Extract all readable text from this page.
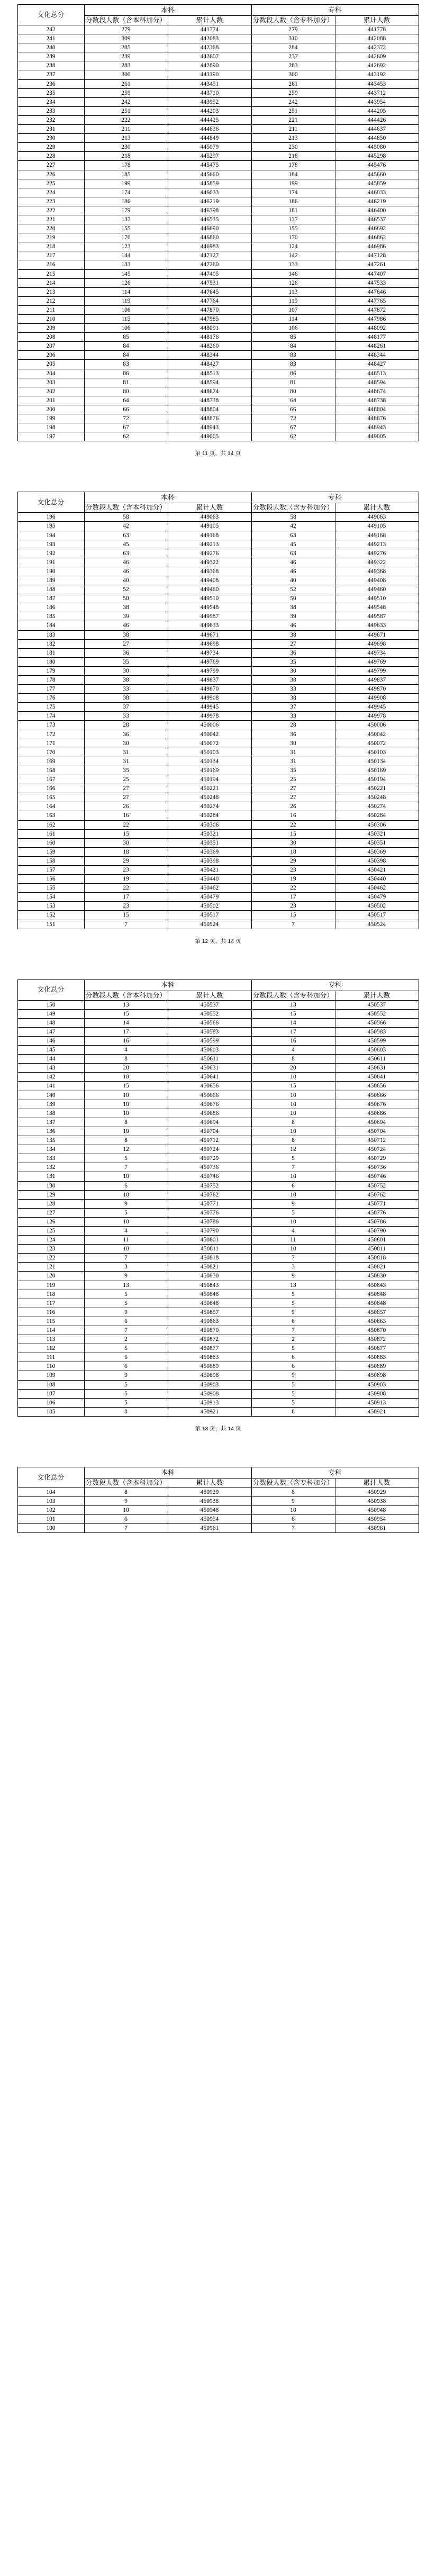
文化总分	本科		专科	
	分数段人数（含本科加分）	累计人数	分数段人数（含专科加分）	累计人数
242	279	441774	279	441778
241	309	442083	310	442088
240	285	442368	284	442372
239	239	442607	237	442609
238	283	442890	283	442892
237	300	443190	300	443192
236	261	443451	261	443453
235	259	443710	259	443712
234	242	443952	242	443954
233	251	444203	251	444205
232	222	444425	221	444426
231	211	444636	211	444637
230	213	444849	213	444850
229	230	445079	230	445080
228	218	445297	218	445298
227	178	445475	178	445476
226	185	445660	184	445660
225	199	445859	199	445859
224	174	446033	174	446033
223	186	446219	186	446219
222	179	446398	181	446400
221	137	446535	137	446537
220	155	446690	155	446692
219	170	446860	170	446862
218	123	446983	124	446986
217	144	447127	142	447128
216	133	447260	133	447261
215	145	447405	146	447407
214	126	447531	126	447533
213	114	447645	113	447646
212	119	447764	119	447765
211	106	447870	107	447872
210	115	447985	114	447986
209	106	448091	106	448092
208	85	448176	85	448177
207	84	448260	84	448261
206	84	448344	83	448344
205	83	448427	83	448427
204	86	448513	86	448513
203	81	448594	81	448594
202	80	448674	80	448674
201	64	448738	64	448738
200	66	448804	66	448804
199	72	448876	72	448876
198	67	448943	67	448943
197	62	449005	62	449005
第 11 页，共 14 页
文化总分	本科		专科	
	分数段人数（含本科加分）	累计人数	分数段人数（含专科加分）	累计人数
196	58	449063	58	449063
195	42	449105	42	449105
194	63	449168	63	449168
193	45	449213	45	449213
192	63	449276	63	449276
191	46	449322	46	449322
190	46	449368	46	449368
189	40	449408	40	449408
188	52	449460	52	449460
187	50	449510	50	449510
186	38	449548	38	449548
185	39	449587	39	449587
184	46	449633	46	449633
183	38	449671	38	449671
182	27	449698	27	449698
181	36	449734	36	449734
180	35	449769	35	449769
179	30	449799	30	449799
178	38	449837	38	449837
177	33	449870	33	449870
176	38	449908	38	449908
175	37	449945	37	449945
174	33	449978	33	449978
173	28	450006	28	450006
172	36	450042	36	450042
171	30	450072	30	450072
170	31	450103	31	450103
169	31	450134	31	450134
168	35	450169	35	450169
167	25	450194	25	450194
166	27	450221	27	450221
165	27	450248	27	450248
164	26	450274	26	450274
163	16	450284	16	450284
162	22	450306	22	450306
161	15	450321	15	450321
160	30	450351	30	450351
159	18	450369	18	450369
158	29	450398	29	450398
157	23	450421	23	450421
156	19	450440	19	450440
155	22	450462	22	450462
154	17	450479	17	450479
153	23	450502	23	450502
152	15	450517	15	450517
151	7	450524	7	450524
第 12 页，共 14 页
文化总分	本科		专科	
	分数段人数（含本科加分）	累计人数	分数段人数（含专科加分）	累计人数
150	13	450537	13	450537
149	15	450552	15	450552
148	14	450566	14	450566
147	17	450583	17	450583
146	16	450599	16	450599
145	4	450603	4	450603
144	8	450611	8	450611
143	20	450631	20	450631
142	10	450641	10	450641
141	15	450656	15	450656
140	10	450666	10	450666
139	10	450676	10	450676
138	10	450686	10	450686
137	8	450694	8	450694
136	10	450704	10	450704
135	8	450712	8	450712
134	12	450724	12	450724
133	5	450729	5	450729
132	7	450736	7	450736
131	10	450746	10	450746
130	6	450752	6	450752
129	10	450762	10	450762
128	9	450771	9	450771
127	5	450776	5	450776
126	10	450786	10	450786
125	4	450790	4	450790
124	11	450801	11	450801
123	10	450811	10	450811
122	7	450818	7	450818
121	3	450821	3	450821
120	9	450830	9	450830
119	13	450843	13	450843
118	5	450848	5	450848
117	5	450848	5	450848
116	9	450857	9	450857
115	6	450863	6	450863
114	7	450870	7	450870
113	2	450872	2	450872
112	5	450877	5	450877
111	6	450883	6	450883
110	6	450889	6	450889
109	9	450898	9	450898
108	5	450903	5	450903
107	5	450908	5	450908
106	5	450913	5	450913
105	8	450921	8	450921
第 13 页，共 14 页
文化总分	本科		专科	
	分数段人数（含本科加分）	累计人数	分数段人数（含专科加分）	累计人数
104	8	450929	8	450929
103	9	450938	9	450938
102	10	450948	10	450948
101	6	450954	6	450954
100	7	450961	7	450961
